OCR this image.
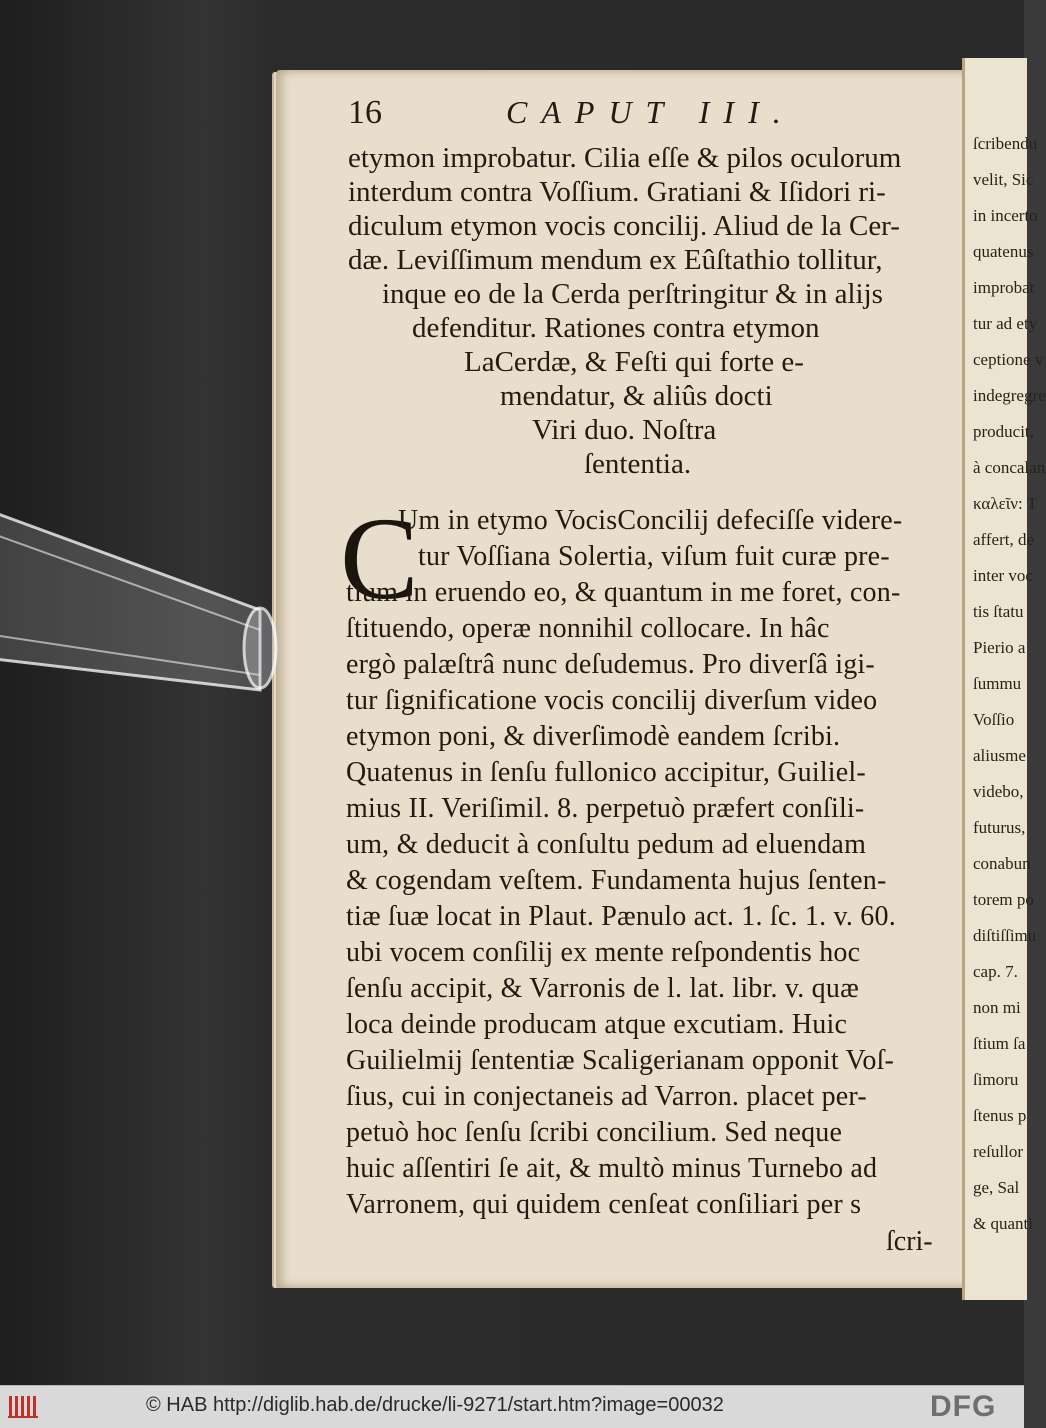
ſcribendu
velit, Sic
in incerto
quatenus
improbat
tur ad ety
ceptione v
indegregre
producit,
à concalan
καλεῖν: T
affert, de
inter voc
tis ſtatu
Pierio a
ſummu
Voſſio
aliusme
videbo,
futurus,
conabun
torem po
diſtiſſimu
cap. 7.
non mi
ſtium ſa
ſimoru
ſtenus p
reſullor
ge, Sal
& quanti
16	CAPUT III.
etymon improbatur. Cilia eſſe & pilos oculorum
interdum contra Voſſium. Gratiani & Iſidori ri-
diculum etymon vocis concilij. Aliud de la Cer-
dæ. Leviſſimum mendum ex Eûſtathio tollitur,
inque eo de la Cerda perſtringitur & in alijs
defenditur. Rationes contra etymon
LaCerdæ, & Feſti qui forte e-
mendatur, & aliûs docti
Viri duo. Noſtra
ſententia.
C
Um in etymo VocisConcilij defeciſſe videre-
tur Voſſiana Solertia, viſum fuit curæ pre-
tium in eruendo eo, & quantum in me foret, con-
ſtituendo, operæ nonnihil collocare. In hâc
ergò palæſtrâ nunc deſudemus. Pro diverſâ igi-
tur ſignificatione vocis concilij diverſum video
etymon poni, & diverſimodè eandem ſcribi.
Quatenus in ſenſu fullonico accipitur, Guiliel-
mius II. Veriſimil. 8. perpetuò præfert conſili-
um, & deducit à conſultu pedum ad eluendam
& cogendam veſtem. Fundamenta hujus ſenten-
tiæ ſuæ locat in Plaut. Pænulo act. 1. ſc. 1. v. 60.
ubi vocem conſilij ex mente reſpondentis hoc
ſenſu accipit, & Varronis de l. lat. libr. v. quæ
loca deinde producam atque excutiam. Huic
Guilielmij ſententiæ Scaligerianam opponit Voſ-
ſius, cui in conjectaneis ad Varron. placet per-
petuò hoc ſenſu ſcribi concilium. Sed neque
huic aſſentiri ſe ait, & multò minus Turnebo ad
Varronem, qui quidem cenſeat conſiliari per s
ſcri-
© HAB http://diglib.hab.de/drucke/li-9271/start.htm?image=00032	DFG
